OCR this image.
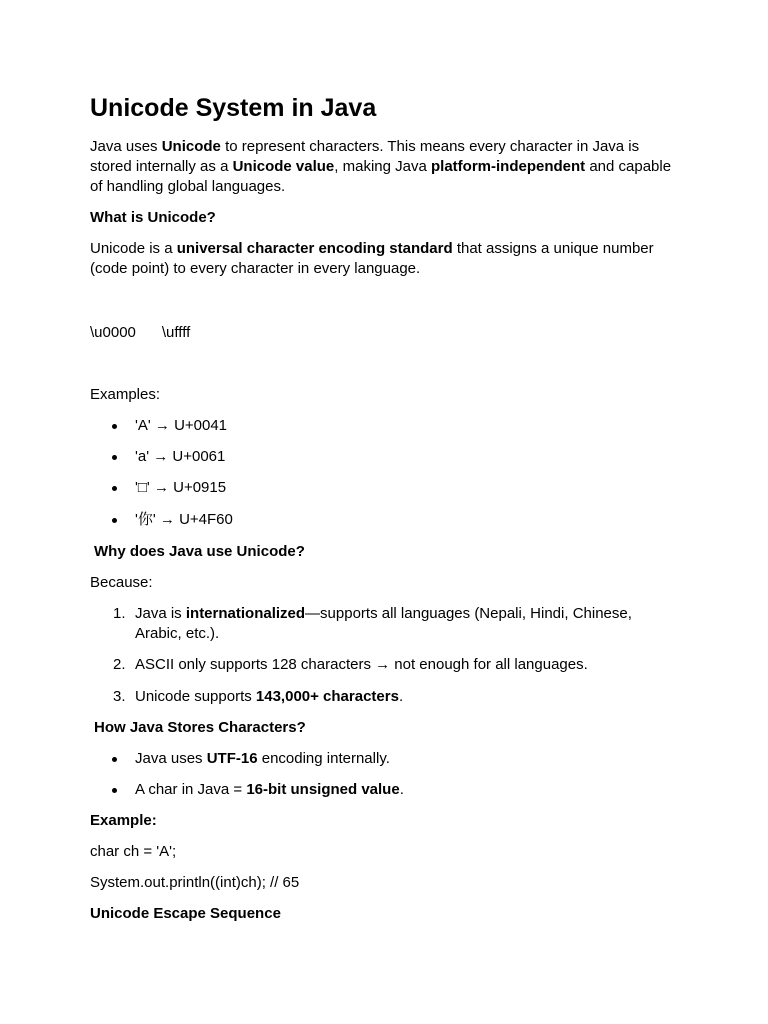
Unicode System in Java
Java uses Unicode to represent characters. This means every character in Java is stored internally as a Unicode value, making Java platform-independent and capable of handling global languages.
What is Unicode?
Unicode is a universal character encoding standard that assigns a unique number (code point) to every character in every language.
\u0000 \uffff
Examples:
'A' → U+0041
'a' → U+0061
'□' → U+0915
'你' → U+4F60
Why does Java use Unicode?
Because:
1. Java is internationalized—supports all languages (Nepali, Hindi, Chinese, Arabic, etc.).
2. ASCII only supports 128 characters → not enough for all languages.
3. Unicode supports 143,000+ characters.
How Java Stores Characters?
Java uses UTF-16 encoding internally.
A char in Java = 16-bit unsigned value.
Example:
char ch = 'A';
System.out.println((int)ch); // 65
Unicode Escape Sequence
